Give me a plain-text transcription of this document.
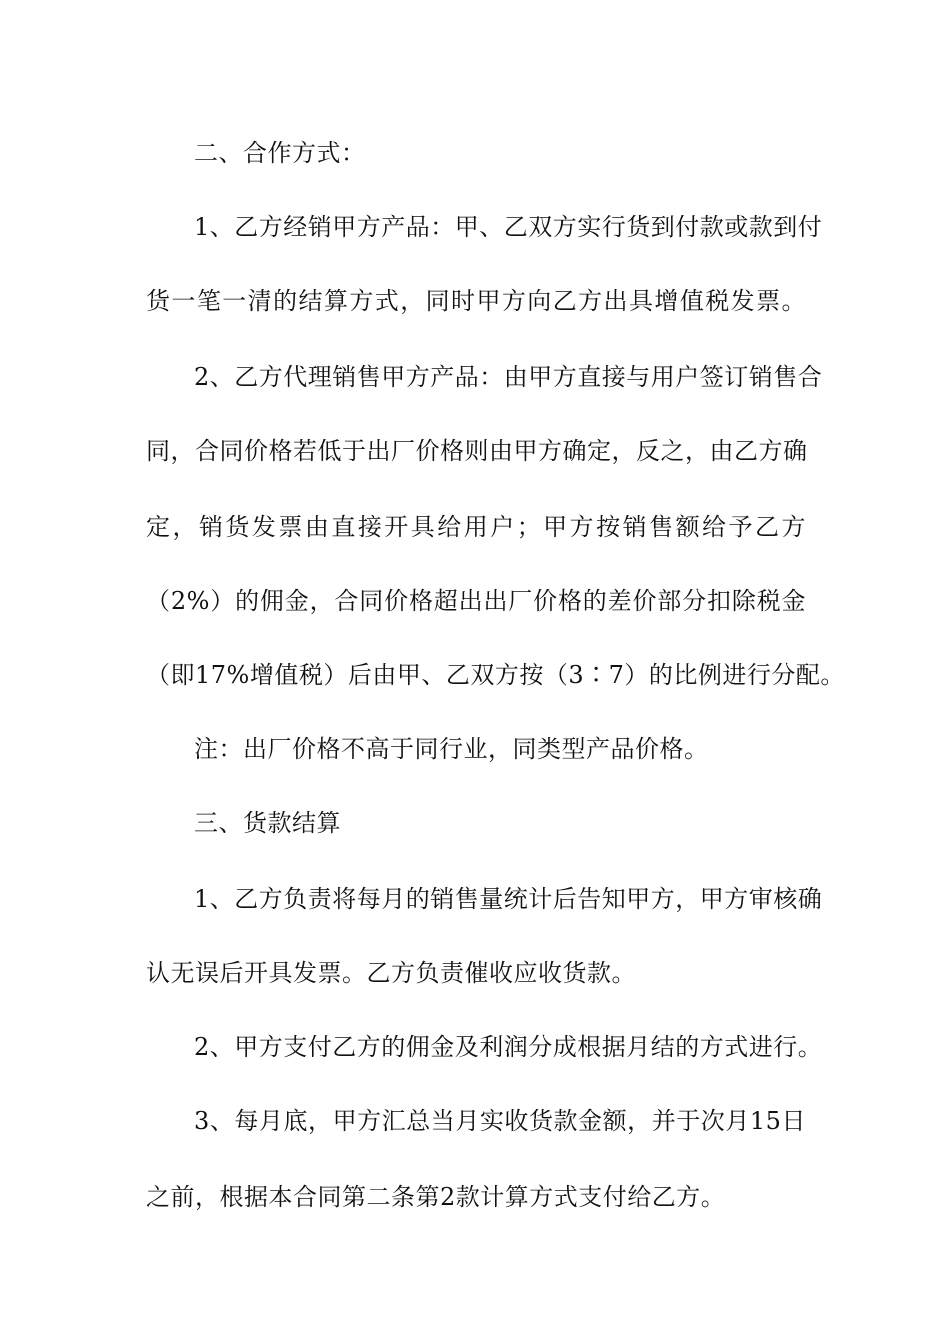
二、合作方式：
1、乙方经销甲方产品：甲、乙双方实行货到付款或款到付
货一笔一清的结算方式，同时甲方向乙方出具增值税发票。
2、乙方代理销售甲方产品：由甲方直接与用户签订销售合
同，合同价格若低于出厂价格则由甲方确定，反之，由乙方确
定，销货发票由直接开具给用户；甲方按销售额给予乙方
（2%）的佣金，合同价格超出出厂价格的差价部分扣除税金
（即17%增值税）后由甲、乙双方按（3∶7）的比例进行分配。
注：出厂价格不高于同行业，同类型产品价格。
三、货款结算
1、乙方负责将每月的销售量统计后告知甲方，甲方审核确
认无误后开具发票。乙方负责催收应收货款。
2、甲方支付乙方的佣金及利润分成根据月结的方式进行。
3、每月底，甲方汇总当月实收货款金额，并于次月15日
之前，根据本合同第二条第2款计算方式支付给乙方。
